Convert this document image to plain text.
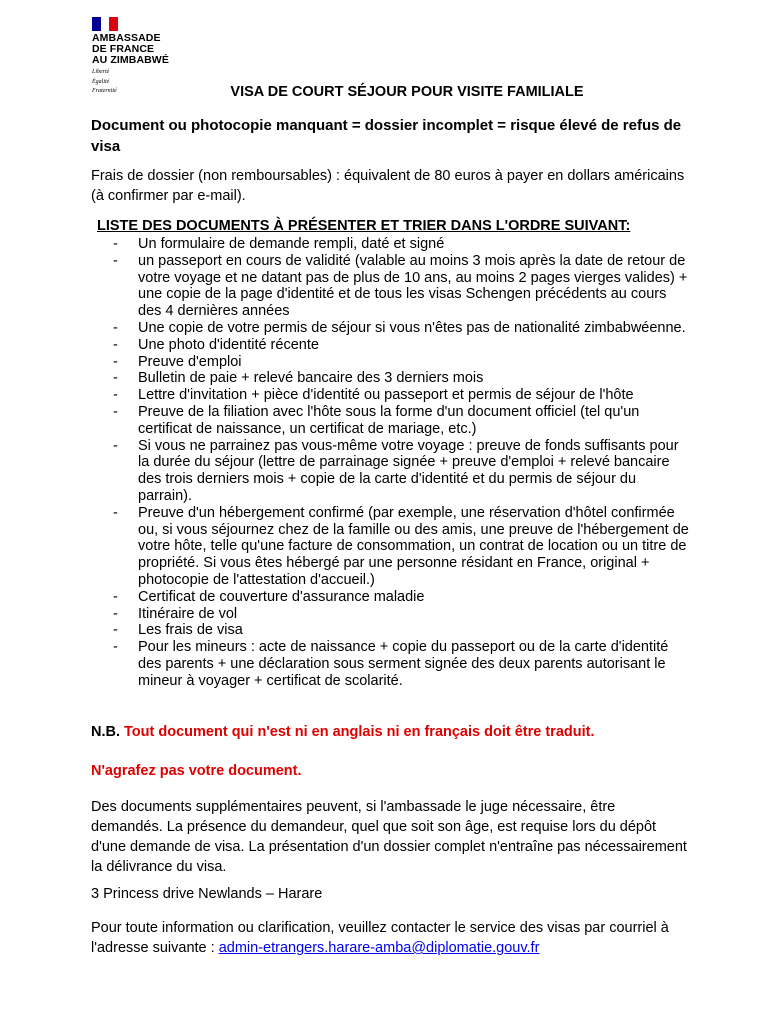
AMBASSADE
DE FRANCE
AU ZIMBABWÉ
Liberté
Égalité
Fraternité	VISA DE COURT SÉJOUR POUR VISITE FAMILIALE
Document ou photocopie manquant = dossier incomplet = risque élevé de refus de visa
Frais de dossier (non remboursables) : équivalent de 80 euros à payer en dollars américains (à confirmer par e-mail).
LISTE DES DOCUMENTS À PRÉSENTER ET TRIER DANS L'ORDRE SUIVANT:
- Un formulaire de demande rempli, daté et signé
- un passeport en cours de validité (valable au moins 3 mois après la date de retour de votre voyage et ne datant pas de plus de 10 ans, au moins 2 pages vierges valides) + une copie de la page d'identité et de tous les visas Schengen précédents au cours des 4 dernières années
- Une copie de votre permis de séjour si vous n'êtes pas de nationalité zimbabwéenne.
- Une photo d'identité récente
- Preuve d'emploi
- Bulletin de paie + relevé bancaire des 3 derniers mois
- Lettre d'invitation + pièce d'identité ou passeport et permis de séjour de l'hôte
- Preuve de la filiation avec l'hôte sous la forme d'un document officiel (tel qu'un certificat de naissance, un certificat de mariage, etc.)
- Si vous ne parrainez pas vous-même votre voyage : preuve de fonds suffisants pour la durée du séjour (lettre de parrainage signée + preuve d'emploi + relevé bancaire des trois derniers mois + copie de la carte d'identité et du permis de séjour du parrain).
- Preuve d'un hébergement confirmé (par exemple, une réservation d'hôtel confirmée ou, si vous séjournez chez de la famille ou des amis, une preuve de l'hébergement de votre hôte, telle qu'une facture de consommation, un contrat de location ou un titre de propriété. Si vous êtes hébergé par une personne résidant en France, original + photocopie de l'attestation d'accueil.)
- Certificat de couverture d'assurance maladie
- Itinéraire de vol
- Les frais de visa
- Pour les mineurs : acte de naissance + copie du passeport ou de la carte d'identité des parents + une déclaration sous serment signée des deux parents autorisant le mineur à voyager + certificat de scolarité.
N.B. Tout document qui n'est ni en anglais ni en français doit être traduit.
N'agrafez pas votre document.
Des documents supplémentaires peuvent, si l'ambassade le juge nécessaire, être demandés. La présence du demandeur, quel que soit son âge, est requise lors du dépôt d'une demande de visa. La présentation d'un dossier complet n'entraîne pas nécessairement la délivrance du visa.
3 Princess drive Newlands – Harare
Pour toute information ou clarification, veuillez contacter le service des visas par courriel à l'adresse suivante : admin-etrangers.harare-amba@diplomatie.gouv.fr
